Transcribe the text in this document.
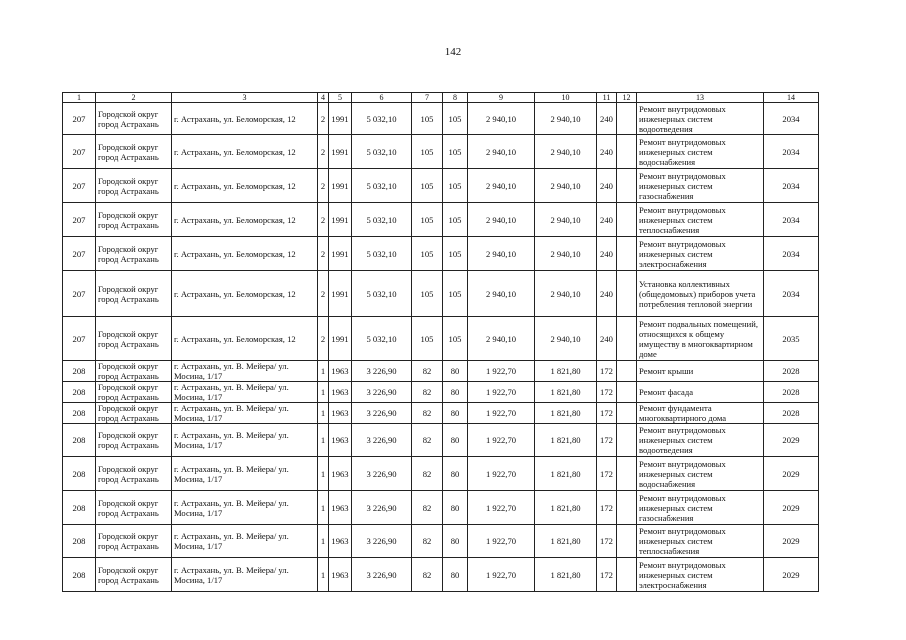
142
1	2	3	4	5	6	7	8	9	10	11	12	13	14
207	Городской округ город Астрахань	г. Астрахань, ул. Беломорская, 12	2	1991	5 032,10	105	105	2 940,10	2 940,10	240		Ремонт внутридомовых инженерных систем водоотведения	2034
207	Городской округ город Астрахань	г. Астрахань, ул. Беломорская, 12	2	1991	5 032,10	105	105	2 940,10	2 940,10	240		Ремонт внутридомовых инженерных систем водоснабжения	2034
207	Городской округ город Астрахань	г. Астрахань, ул. Беломорская, 12	2	1991	5 032,10	105	105	2 940,10	2 940,10	240		Ремонт внутридомовых инженерных систем газоснабжения	2034
207	Городской округ город Астрахань	г. Астрахань, ул. Беломорская, 12	2	1991	5 032,10	105	105	2 940,10	2 940,10	240		Ремонт внутридомовых инженерных систем теплоснабжения	2034
207	Городской округ город Астрахань	г. Астрахань, ул. Беломорская, 12	2	1991	5 032,10	105	105	2 940,10	2 940,10	240		Ремонт внутридомовых инженерных систем электроснабжения	2034
207	Городской округ город Астрахань	г. Астрахань, ул. Беломорская, 12	2	1991	5 032,10	105	105	2 940,10	2 940,10	240		Установка коллективных (общедомовых) приборов учета потребления тепловой энергии	2034
207	Городской округ город Астрахань	г. Астрахань, ул. Беломорская, 12	2	1991	5 032,10	105	105	2 940,10	2 940,10	240		Ремонт подвальных помещений, относящихся к общему имуществу в многоквартирном доме	2035
208	Городской округ город Астрахань	г. Астрахань, ул. В. Мейера/ ул. Мосина, 1/17	1	1963	3 226,90	82	80	1 922,70	1 821,80	172		Ремонт крыши	2028
208	Городской округ город Астрахань	г. Астрахань, ул. В. Мейера/ ул. Мосина, 1/17	1	1963	3 226,90	82	80	1 922,70	1 821,80	172		Ремонт фасада	2028
208	Городской округ город Астрахань	г. Астрахань, ул. В. Мейера/ ул. Мосина, 1/17	1	1963	3 226,90	82	80	1 922,70	1 821,80	172		Ремонт фундамента многоквартирного дома	2028
208	Городской округ город Астрахань	г. Астрахань, ул. В. Мейера/ ул. Мосина, 1/17	1	1963	3 226,90	82	80	1 922,70	1 821,80	172		Ремонт внутридомовых инженерных систем водоотведения	2029
208	Городской округ город Астрахань	г. Астрахань, ул. В. Мейера/ ул. Мосина, 1/17	1	1963	3 226,90	82	80	1 922,70	1 821,80	172		Ремонт внутридомовых инженерных систем водоснабжения	2029
208	Городской округ город Астрахань	г. Астрахань, ул. В. Мейера/ ул. Мосина, 1/17	1	1963	3 226,90	82	80	1 922,70	1 821,80	172		Ремонт внутридомовых инженерных систем газоснабжения	2029
208	Городской округ город Астрахань	г. Астрахань, ул. В. Мейера/ ул. Мосина, 1/17	1	1963	3 226,90	82	80	1 922,70	1 821,80	172		Ремонт внутридомовых инженерных систем теплоснабжения	2029
208	Городской округ город Астрахань	г. Астрахань, ул. В. Мейера/ ул. Мосина, 1/17	1	1963	3 226,90	82	80	1 922,70	1 821,80	172		Ремонт внутридомовых инженерных систем электроснабжения	2029
